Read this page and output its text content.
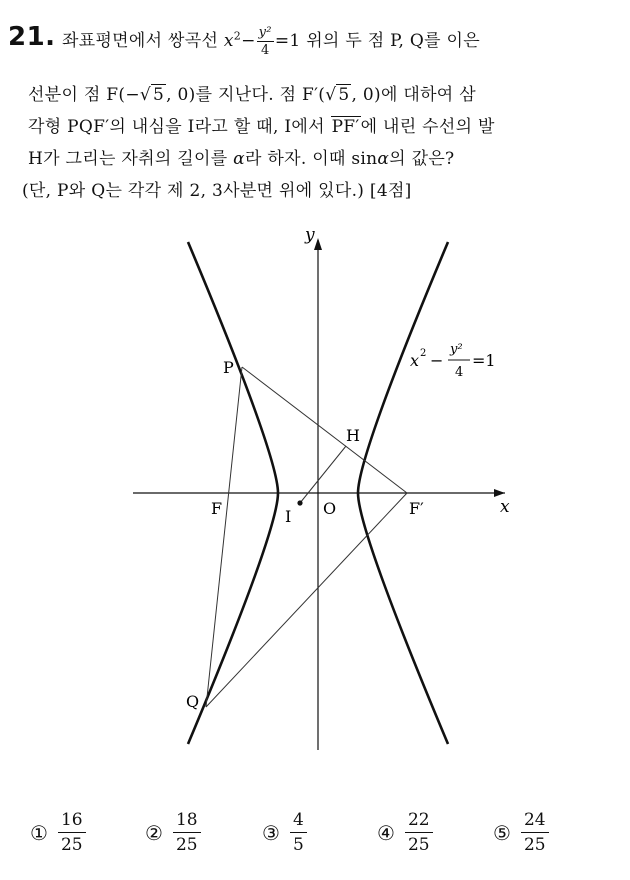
21. 좌표평면에서 쌍곡선 $x^2- \frac{\text{y²}}{4} =1$ 위의 두 점 P, Q를 이은
선분이 점 F(−√ 5 , 0)를 지난다. 점 F′(√ 5 , 0)에 대하여 삼
각형 PQF′의 내심을 I라고 할 때, I에서 PF′에 내린 수선의 발
H가 그리는 자취의 길이를 α라 하자. 이때 sinα의 값은?
(단, P와 Q는 각각 제 2, 3사분면 위에 있다.) [4점]
y
x
O
P
Q
F	F′
H
I
x 2 −
y²
4
=1
① $\frac{16}{25}$	② $\frac{18}{25}$	③ $\frac{4}{5}$	④ $\frac{22}{25}$	⑤ $\frac{24}{25}$
